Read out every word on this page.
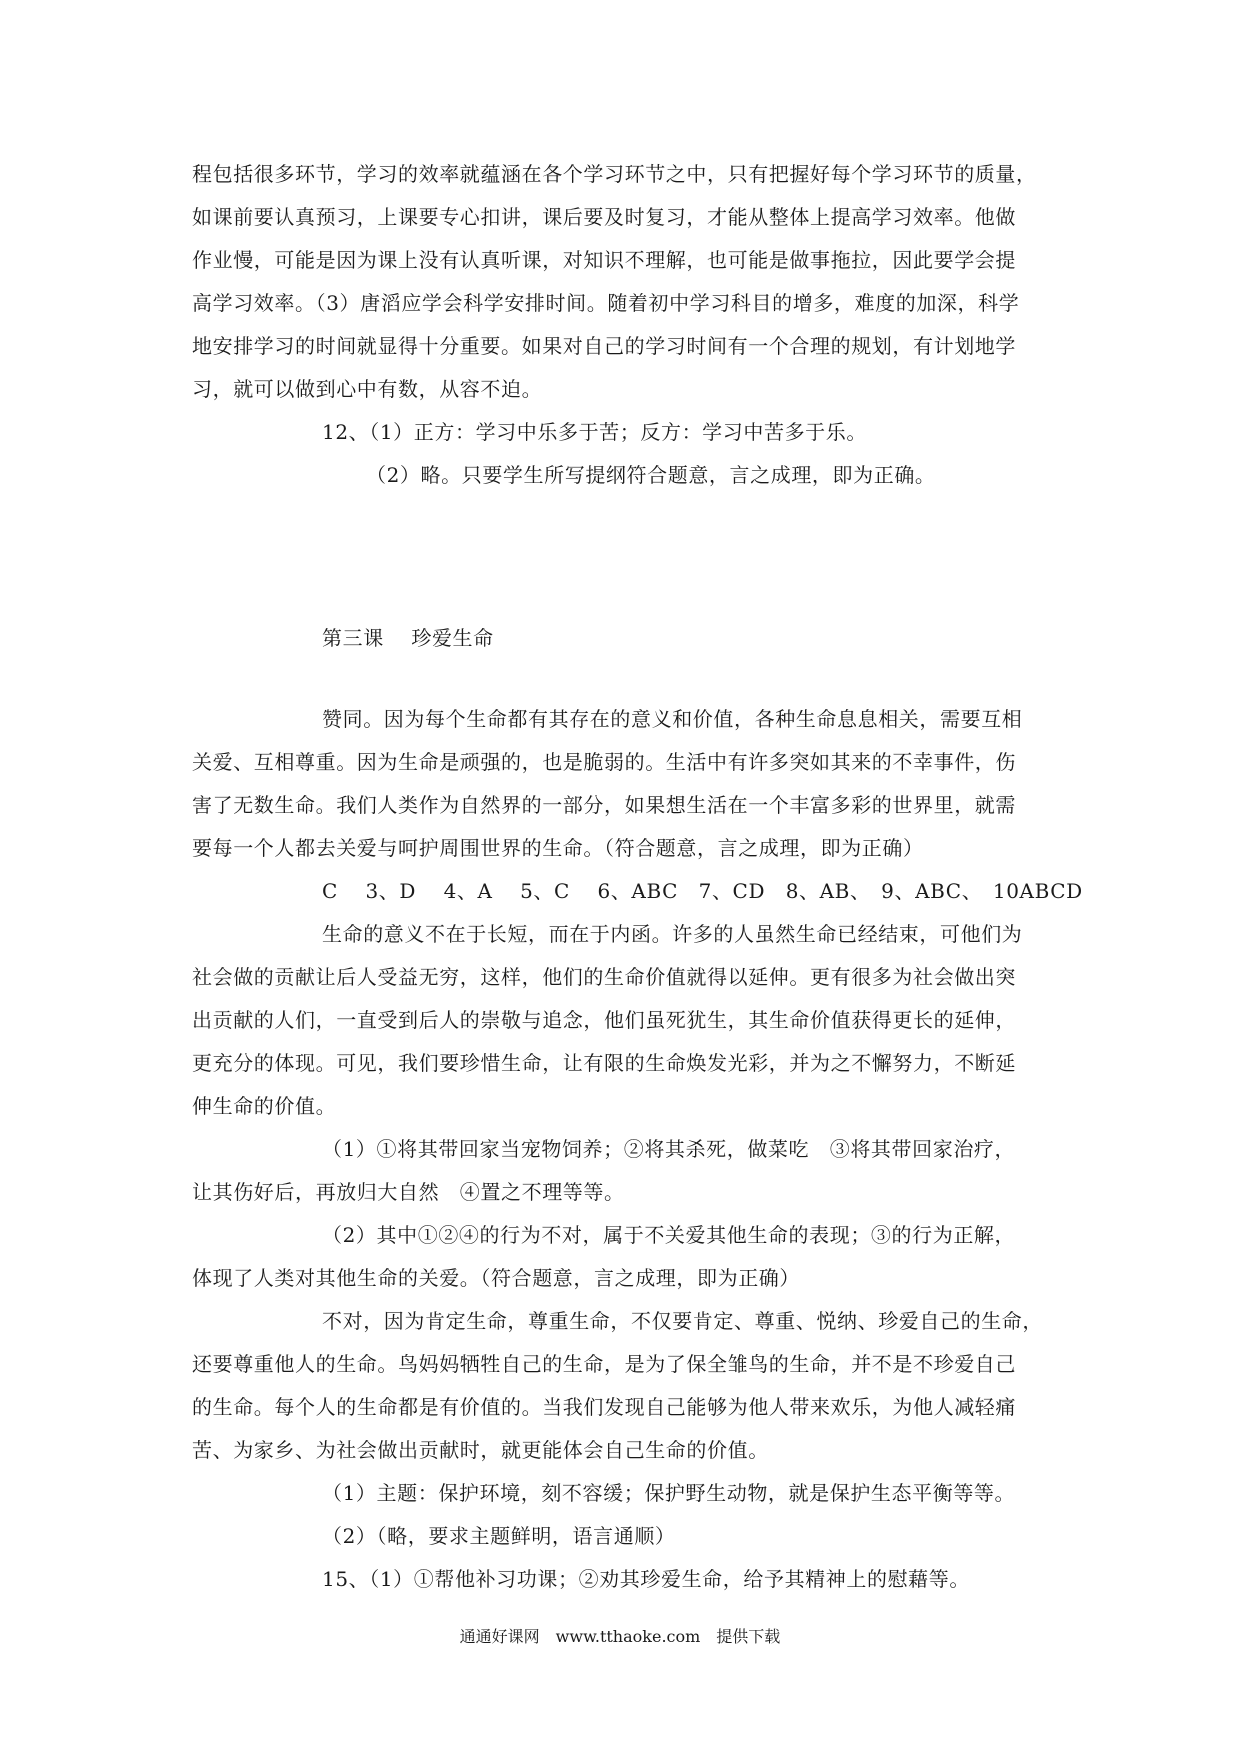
程包括很多环节，学习的效率就蕴涵在各个学习环节之中，只有把握好每个学习环节的质量，
如课前要认真预习，上课要专心扣讲，课后要及时复习，才能从整体上提高学习效率。他做
作业慢，可能是因为课上没有认真听课，对知识不理解，也可能是做事拖拉，因此要学会提
高学习效率。（3）唐滔应学会科学安排时间。随着初中学习科目的增多，难度的加深，科学
地安排学习的时间就显得十分重要。如果对自己的学习时间有一个合理的规划，有计划地学
习，就可以做到心中有数，从容不迫。
12、（1）正方：学习中乐多于苦；反方：学习中苦多于乐。
（2）略。只要学生所写提纲符合题意，言之成理，即为正确。
第三课　 珍爱生命
赞同。因为每个生命都有其存在的意义和价值，各种生命息息相关，需要互相
关爱、互相尊重。因为生命是顽强的，也是脆弱的。生活中有许多突如其来的不幸事件，伤
害了无数生命。我们人类作为自然界的一部分，如果想生活在一个丰富多彩的世界里，就需
要每一个人都去关爱与呵护周围世界的生命。（符合题意，言之成理，即为正确）
C　 3、D　 4、A　 5、C　 6、ABC　7、CD　8、AB、　9、ABC、　10ABCD
生命的意义不在于长短，而在于内函。许多的人虽然生命已经结束，可他们为
社会做的贡献让后人受益无穷，这样，他们的生命价值就得以延伸。更有很多为社会做出突
出贡献的人们，一直受到后人的崇敬与追念，他们虽死犹生，其生命价值获得更长的延伸，
更充分的体现。可见，我们要珍惜生命，让有限的生命焕发光彩，并为之不懈努力，不断延
伸生命的价值。
（1）①将其带回家当宠物饲养；②将其杀死，做菜吃　③将其带回家治疗，
让其伤好后，再放归大自然　④置之不理等等。
（2）其中①②④的行为不对，属于不关爱其他生命的表现；③的行为正解，
体现了人类对其他生命的关爱。（符合题意，言之成理，即为正确）
不对，因为肯定生命，尊重生命，不仅要肯定、尊重、悦纳、珍爱自己的生命，
还要尊重他人的生命。鸟妈妈牺牲自己的生命，是为了保全雏鸟的生命，并不是不珍爱自己
的生命。每个人的生命都是有价值的。当我们发现自己能够为他人带来欢乐，为他人减轻痛
苦、为家乡、为社会做出贡献时，就更能体会自己生命的价值。
（1）主题：保护环境，刻不容缓；保护野生动物，就是保护生态平衡等等。
（2）（略，要求主题鲜明，语言通顺）
15、（1）①帮他补习功课；②劝其珍爱生命，给予其精神上的慰藉等。
通通好课网　www.tthaoke.com　提供下载
